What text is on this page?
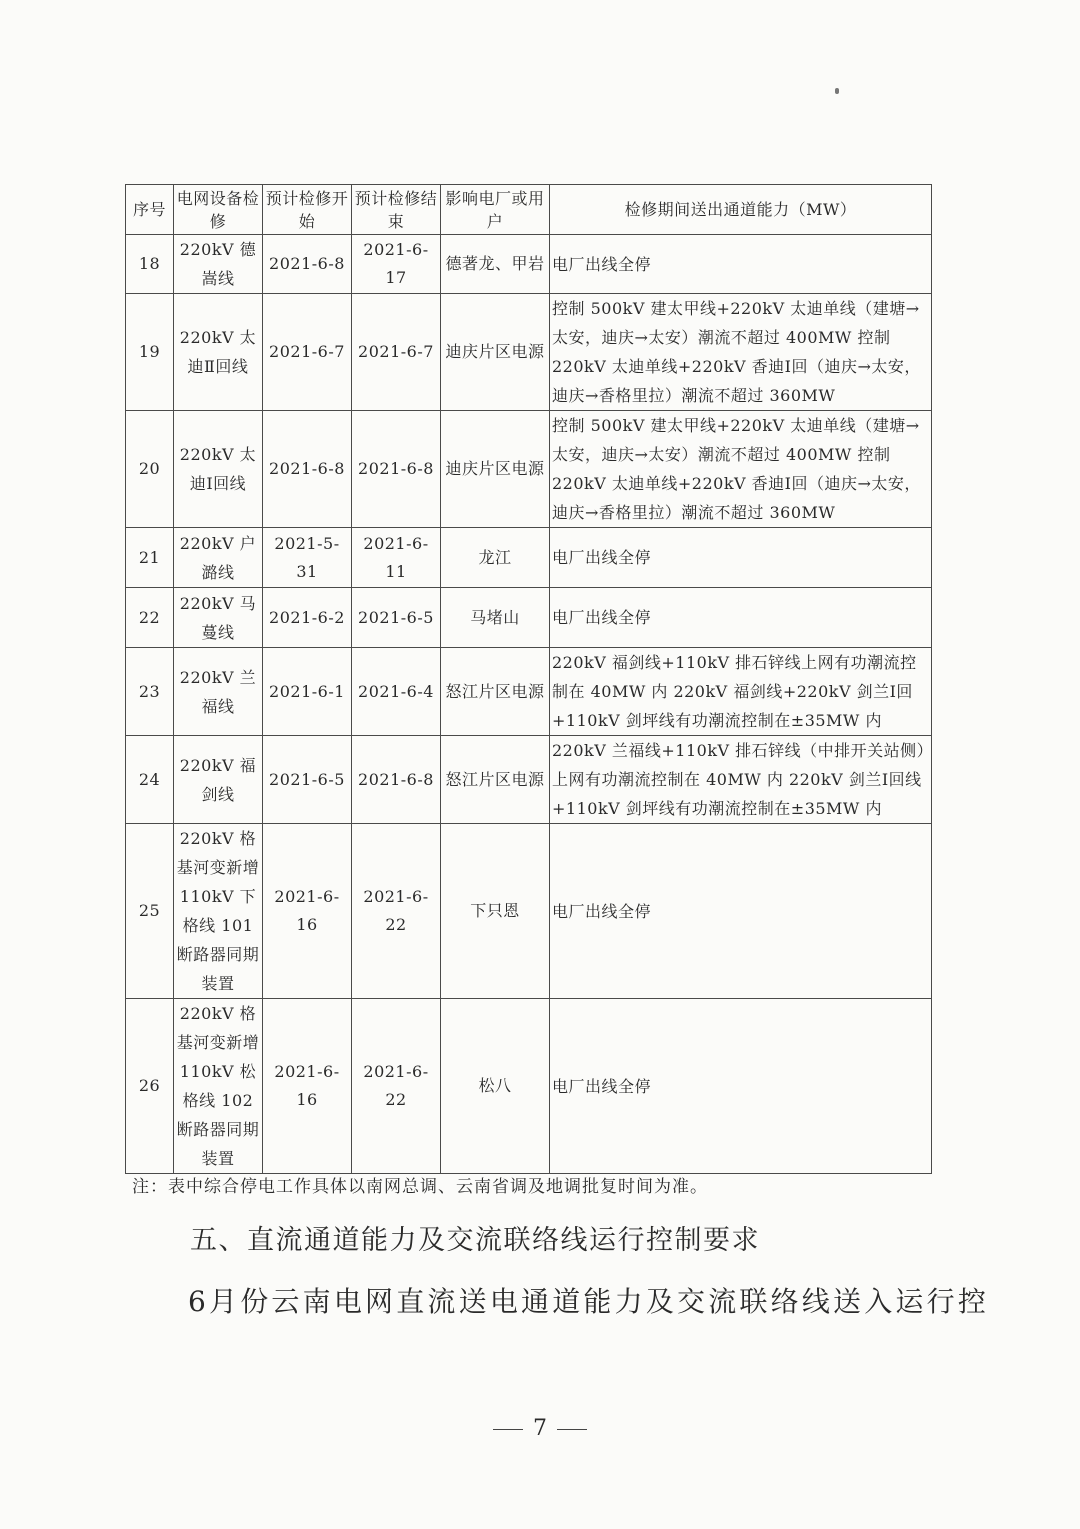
序号	电网设备检修	预计检修开始	预计检修结束	影响电厂或用户	检修期间送出通道能力（MW）
18	220kV 德嵩线	2021-6-8	2021-6-17	德著龙、甲岩	电厂出线全停
19	220kV 太迪Ⅱ回线	2021-6-7	2021-6-7	迪庆片区电源	控制 500kV 建太甲线+220kV 太迪单线（建塘→太安，迪庆→太安）潮流不超过 400MW 控制 220kV 太迪单线+220kV 香迪Ⅰ回（迪庆→太安，迪庆→香格里拉）潮流不超过 360MW
20	220kV 太迪Ⅰ回线	2021-6-8	2021-6-8	迪庆片区电源	控制 500kV 建太甲线+220kV 太迪单线（建塘→太安，迪庆→太安）潮流不超过 400MW 控制 220kV 太迪单线+220kV 香迪Ⅰ回（迪庆→太安，迪庆→香格里拉）潮流不超过 360MW
21	220kV 户潞线	2021-5-31	2021-6-11	龙江	电厂出线全停
22	220kV 马蔓线	2021-6-2	2021-6-5	马堵山	电厂出线全停
23	220kV 兰福线	2021-6-1	2021-6-4	怒江片区电源	220kV 福剑线+110kV 排石锌线上网有功潮流控制在 40MW 内 220kV 福剑线+220kV 剑兰Ⅰ回+110kV 剑坪线有功潮流控制在±35MW 内
24	220kV 福剑线	2021-6-5	2021-6-8	怒江片区电源	220kV 兰福线+110kV 排石锌线（中排开关站侧）上网有功潮流控制在 40MW 内 220kV 剑兰Ⅰ回线+110kV 剑坪线有功潮流控制在±35MW 内
25	220kV 格基河变新增110kV 下格线 101 断路器同期装置	2021-6-16	2021-6-22	下只恩	电厂出线全停
26	220kV 格基河变新增110kV 松格线 102 断路器同期装置	2021-6-16	2021-6-22	松八	电厂出线全停
注：表中综合停电工作具体以南网总调、云南省调及地调批复时间为准。
五、直流通道能力及交流联络线运行控制要求
6月份云南电网直流送电通道能力及交流联络线送入运行控
7
